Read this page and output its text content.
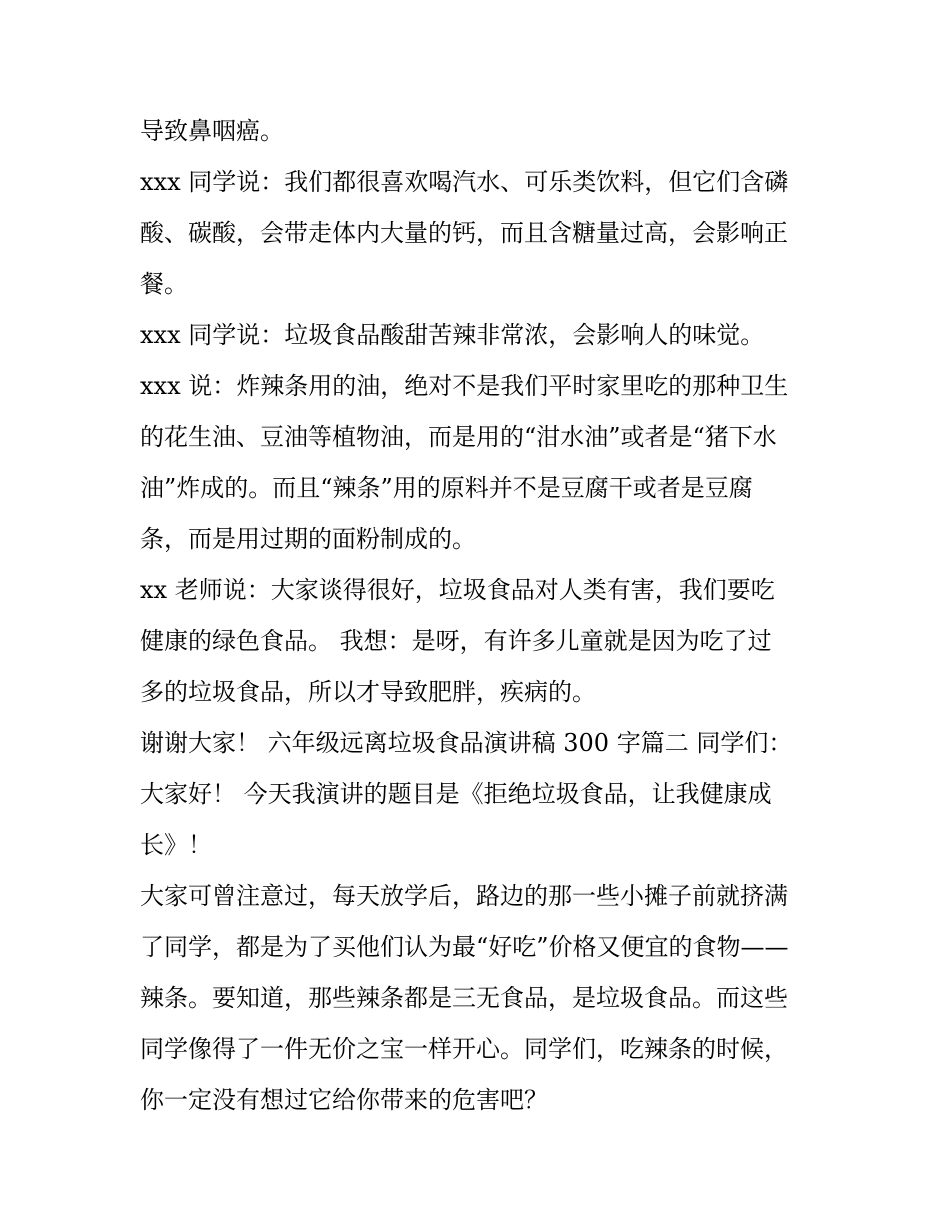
导致鼻咽癌。
xxx 同学说：我们都很喜欢喝汽水、可乐类饮料，但它们含磷
酸、碳酸，会带走体内大量的钙，而且含糖量过高，会影响正
餐。
xxx 同学说：垃圾食品酸甜苦辣非常浓，会影响人的味觉。
xxx 说：炸辣条用的油，绝对不是我们平时家里吃的那种卫生
的花生油、豆油等植物油，而是用的“泔水油”或者是“猪下水
油”炸成的。而且“辣条”用的原料并不是豆腐干或者是豆腐
条，而是用过期的面粉制成的。
xx 老师说：大家谈得很好，垃圾食品对人类有害，我们要吃
健康的绿色食品。 我想：是呀，有许多儿童就是因为吃了过
多的垃圾食品，所以才导致肥胖，疾病的。
谢谢大家！ 六年级远离垃圾食品演讲稿 300 字篇二 同学们：
大家好！ 今天我演讲的题目是《拒绝垃圾食品，让我健康成
长》！
大家可曾注意过，每天放学后，路边的那一些小摊子前就挤满
了同学，都是为了买他们认为最“好吃”价格又便宜的食物——
辣条。要知道，那些辣条都是三无食品，是垃圾食品。而这些
同学像得了一件无价之宝一样开心。同学们，吃辣条的时候，
你一定没有想过它给你带来的危害吧？
